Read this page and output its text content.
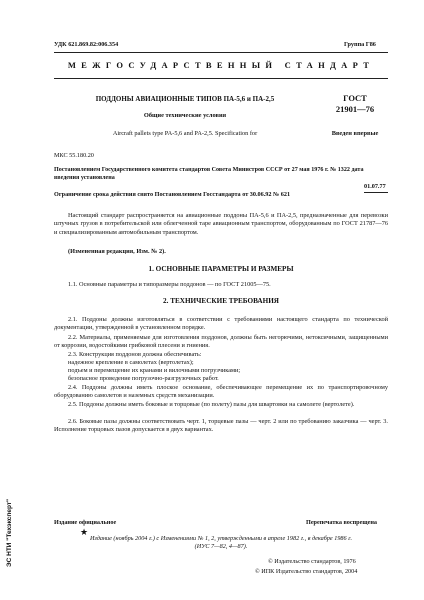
УДК 621.869.82:006.354	Группа Г86
МЕЖГОСУДАРСТВЕННЫЙ СТАНДАРТ
ПОДДОНЫ АВИАЦИОННЫЕ ТИПОВ ПА-5,6 и ПА-2,5
Общие технические условия
Aircraft pallets type PA-5,6 and PA-2,5. Specification for
ГОСТ
21901—76
Введен впервые
МКС 55.180.20
Постановлением Государственного комитета стандартов Совета Министров СССР от 27 мая 1976 г. № 1322 дата введения установлена
01.07.77
Ограничение срока действия снято Постановлением Госстандарта от 30.06.92 № 621
Настоящий стандарт распространяется на авиационные поддоны ПА-5,6 и ПА-2,5, предназначенные для перевозки штучных грузов в потребительской или облегченной таре авиационным транспортом, оборудованным по ГОСТ 21787—76 и специализированным автомобильным транспортом.
(Измененная редакция, Изм. № 2).
1. ОСНОВНЫЕ ПАРАМЕТРЫ И РАЗМЕРЫ
1.1. Основные параметры и типоразмеры поддонов — по ГОСТ 21005—75.
2. ТЕХНИЧЕСКИЕ ТРЕБОВАНИЯ
2.1. Поддоны должны изготовляться в соответствии с требованиями настоящего стандарта по технической документации, утвержденной в установленном порядке.
2.2. Материалы, применяемые для изготовления поддонов, должны быть негорючими, нетоксичными, защищенными от коррозии, водостойкими грибковой плесени и гниения.
2.3. Конструкция поддонов должна обеспечивать:
надежное крепление в самолетах (вертолетах);
подъем и перемещение их кранами и вилочными погрузчиками;
безопасное проведение погрузочно-разгрузочных работ.
2.4. Поддоны должны иметь плоское основание, обеспечивающее перемещение их по транспортировочному оборудованию самолетов и наземных средств механизации.
2.5. Поддоны должны иметь боковые и торцовые (по полету) пазы для швартовки на самолете (вертолете).
2.6. Боковые пазы должны соответствовать черт. 1, торцевые пазы — черт. 2 или по требованию заказчика — черт. 3. Исполнение торцовых пазов допускается в двух вариантах.
Издание официальное	Перепечатка воспрещена
★
Издание (ноябрь 2004 г.) с Изменениями № 1, 2, утвержденными в апреле 1982 г., в декабре 1986 г.
(ИУС 7—82, 4—87).
© Издательство стандартов, 1976
© ИПК Издательство стандартов, 2004
ЭС НТИ "Техэксперт"
